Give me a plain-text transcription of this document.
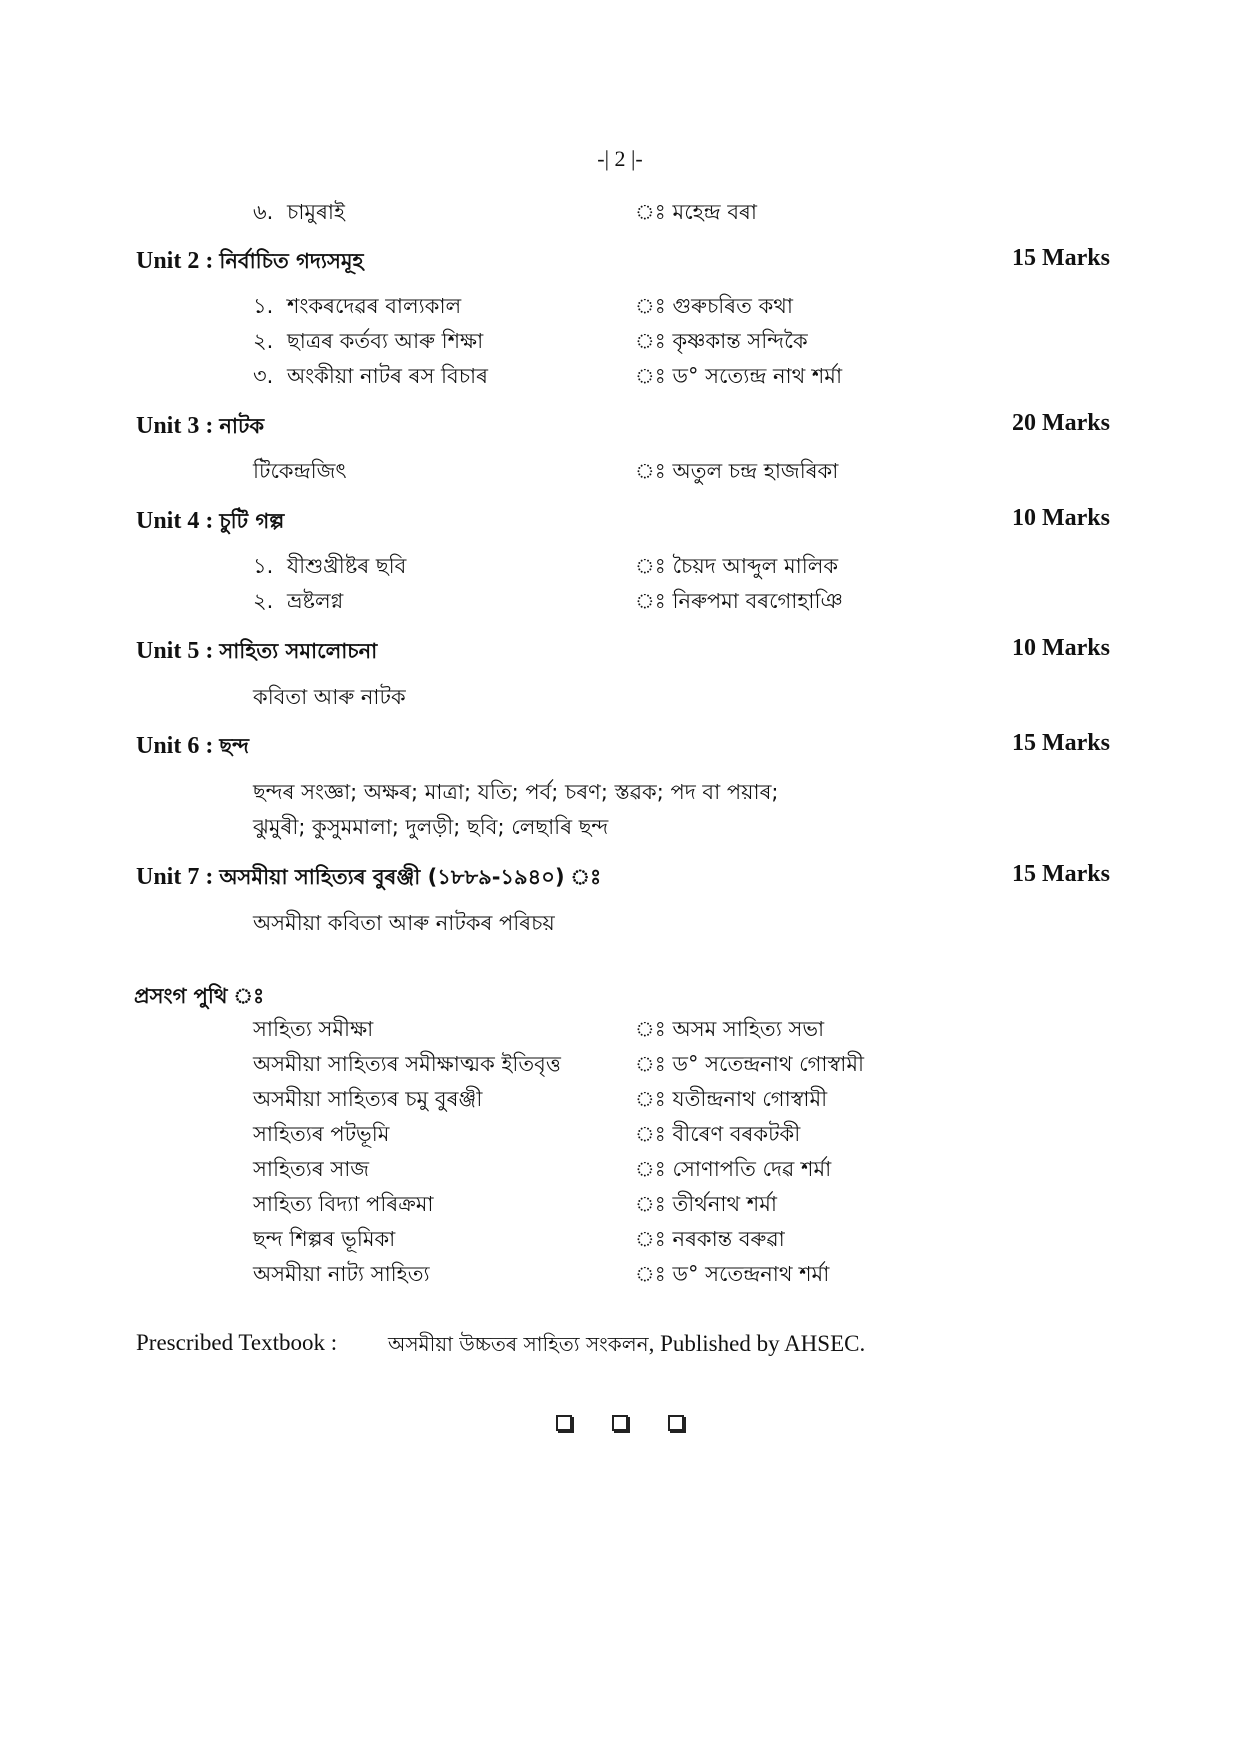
-| 2 |-
৬. চামুৰাই	ঃ মহেন্দ্ৰ বৰা
Unit 2 : নিৰ্বাচিত গদ্যসমূহ	15 Marks
১. শংকৰদেৱৰ বাল্যকাল	ঃ গুৰুচৰিত কথা
২. ছাত্ৰৰ কৰ্তব্য আৰু শিক্ষা	ঃ কৃষ্ণকান্ত সন্দিকৈ
৩. অংকীয়া নাটৰ ৰস বিচাৰ	ঃ ড° সত্যেন্দ্ৰ নাথ শৰ্মা
Unit 3 : নাটক	20 Marks
টিকেন্দ্ৰজিৎ	ঃ অতুল চন্দ্ৰ হাজৰিকা
Unit 4 : চুটি গল্প	10 Marks
১. যীশুখ্ৰীষ্টৰ ছবি	ঃ চৈয়দ আব্দুল মালিক
২. ভ্ৰষ্টলগ্ন	ঃ নিৰুপমা বৰগোহাঞি
Unit 5 : সাহিত্য সমালোচনা	10 Marks
কবিতা আৰু নাটক
Unit 6 : ছন্দ	15 Marks
ছন্দৰ সংজ্ঞা; অক্ষৰ; মাত্ৰা; যতি; পৰ্ব; চৰণ; স্তৱক; পদ বা পয়াৰ;
ঝুমুৰী; কুসুমমালা; দুলড়ী; ছবি; লেছাৰি ছন্দ
Unit 7 : অসমীয়া সাহিত্যৰ বুৰঞ্জী (১৮৮৯-১৯৪০) ঃ	15 Marks
অসমীয়া কবিতা আৰু নাটকৰ পৰিচয়
প্ৰসংগ পুথি ঃ
সাহিত্য সমীক্ষা	ঃ অসম সাহিত্য সভা
অসমীয়া সাহিত্যৰ সমীক্ষাত্মক ইতিবৃত্ত	ঃ ড° সতেন্দ্ৰনাথ গোস্বামী
অসমীয়া সাহিত্যৰ চমু বুৰঞ্জী	ঃ যতীন্দ্ৰনাথ গোস্বামী
সাহিত্যৰ পটভূমি	ঃ বীৰেণ বৰকটকী
সাহিত্যৰ সাজ	ঃ সোণাপতি দেৱ শৰ্মা
সাহিত্য বিদ্যা পৰিক্ৰমা	ঃ তীৰ্থনাথ শৰ্মা
ছন্দ শিল্পৰ ভূমিকা	ঃ নৰকান্ত বৰুৱা
অসমীয়া নাট্য সাহিত্য	ঃ ড° সতেন্দ্ৰনাথ শৰ্মা
Prescribed Textbook :	অসমীয়া উচ্চতৰ সাহিত্য সংকলন, Published by AHSEC.
